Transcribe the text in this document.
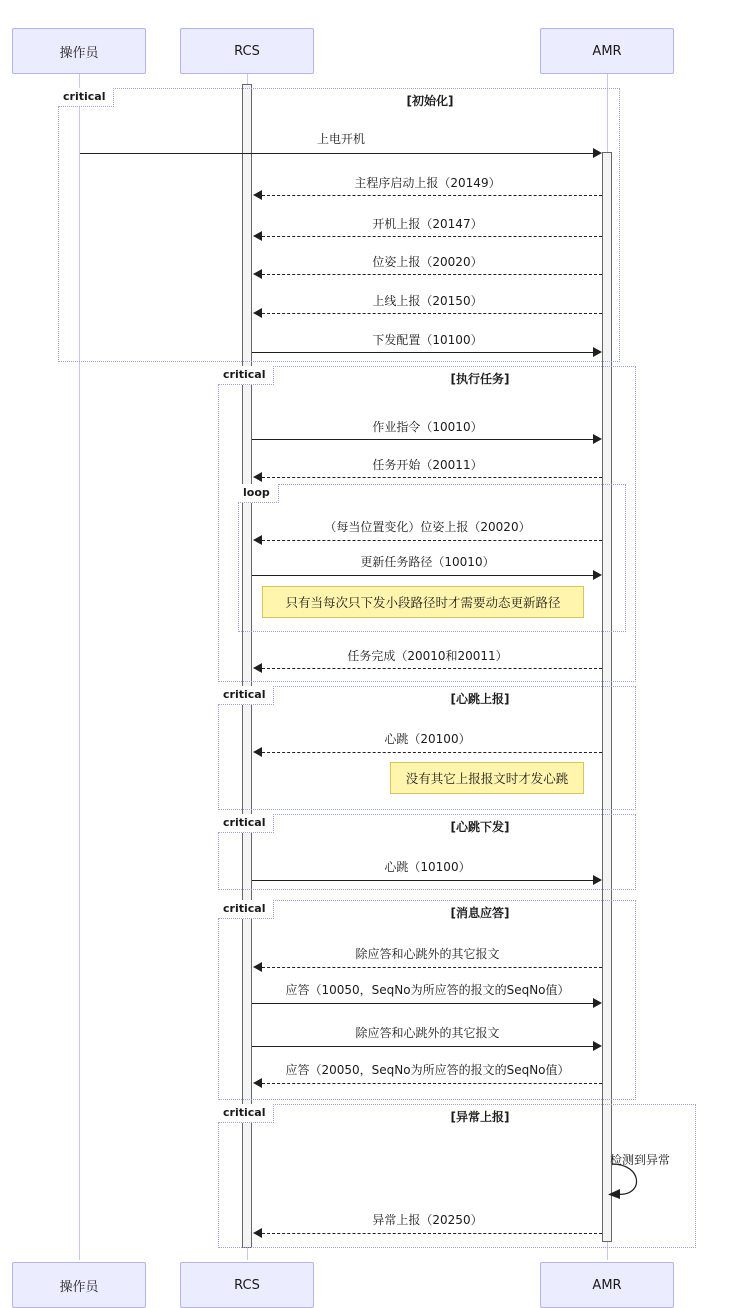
critical	[初始化]
critical	[执行任务]
loop
critical	[心跳上报]
critical	[心跳下发]
critical	[消息应答]
critical	[异常上报]
操作员	RCS	AMR
上电开机
主程序启动上报（20149）
开机上报（20147）
位姿上报（20020）
上线上报（20150）
下发配置（10100）
作业指令（10010）
任务开始（20011）
（每当位置变化）位姿上报（20020）
更新任务路径（10010）
只有当每次只下发小段路径时才需要动态更新路径
任务完成（20010和20011）
心跳（20100）
没有其它上报报文时才发心跳
心跳（10100）
除应答和心跳外的其它报文
应答（10050，SeqNo为所应答的报文的SeqNo值）
除应答和心跳外的其它报文
应答（20050，SeqNo为所应答的报文的SeqNo值）
检测到异常
异常上报（20250）
操作员	RCS	AMR
